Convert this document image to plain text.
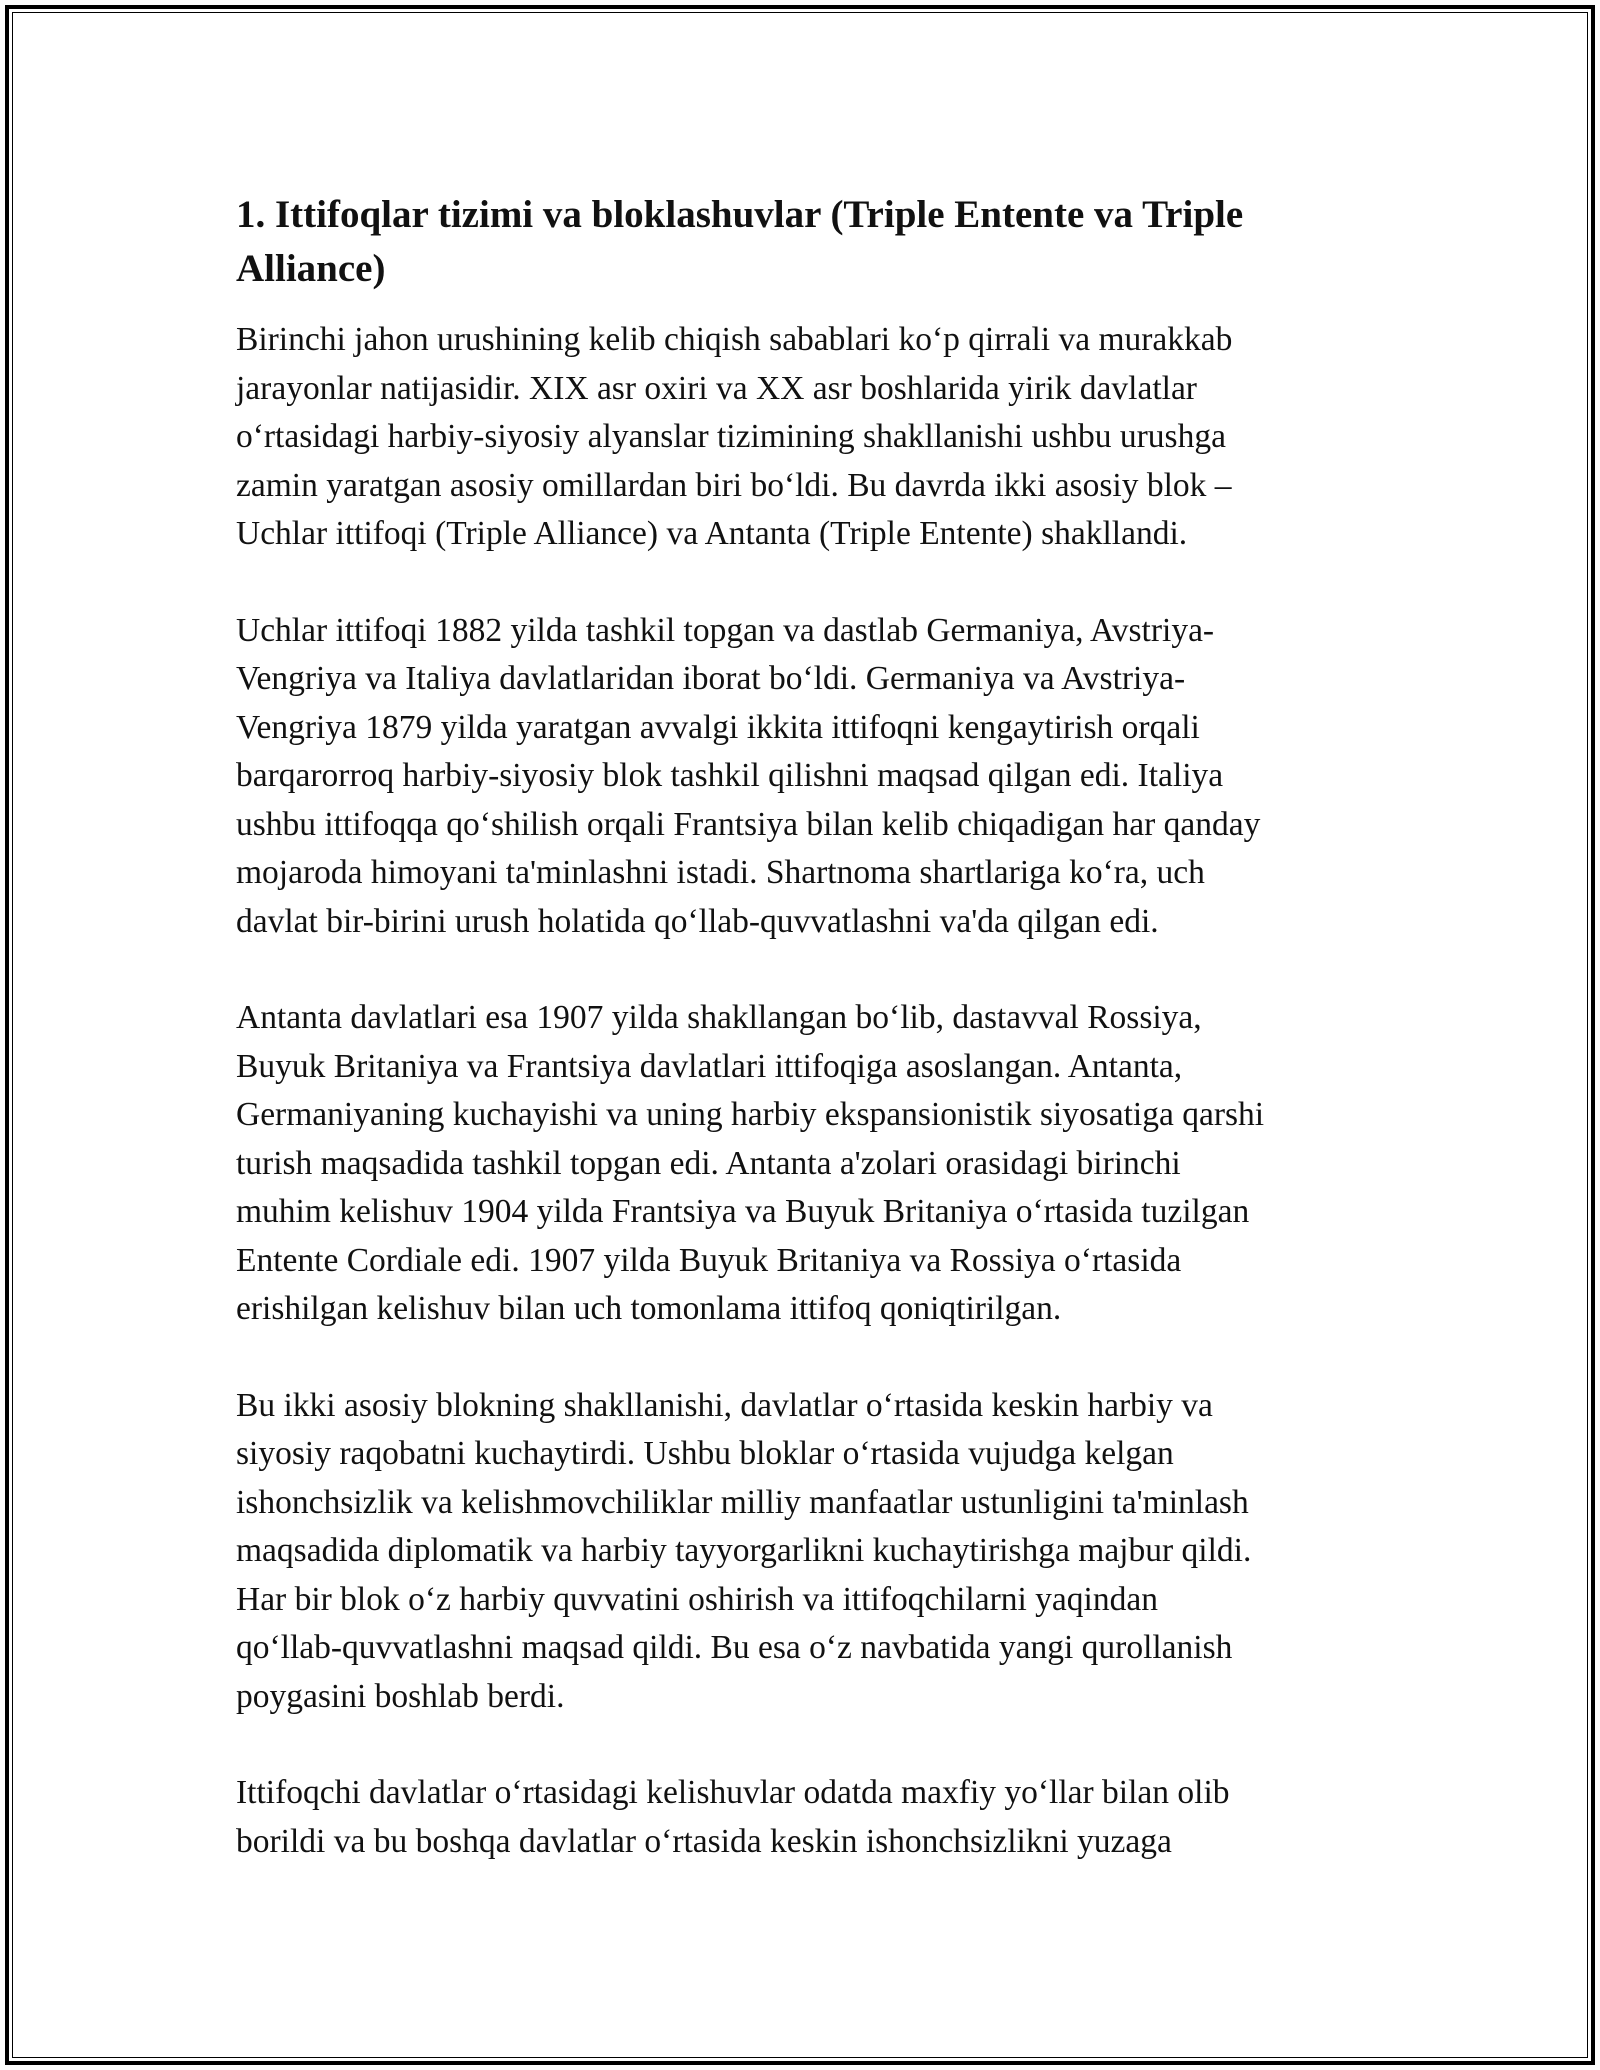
1. Ittifoqlar tizimi va bloklashuvlar (Triple Entente va Triple
Alliance)

Birinchi jahon urushining kelib chiqish sabablari koʻp qirrali va murakkab
jarayonlar natijasidir. XIX asr oxiri va XX asr boshlarida yirik davlatlar
oʻrtasidagi harbiy-siyosiy alyanslar tizimining shakllanishi ushbu urushga
zamin yaratgan asosiy omillardan biri boʻldi. Bu davrda ikki asosiy blok –
Uchlar ittifoqi (Triple Alliance) va Antanta (Triple Entente) shakllandi.

Uchlar ittifoqi 1882 yilda tashkil topgan va dastlab Germaniya, Avstriya-
Vengriya va Italiya davlatlaridan iborat boʻldi. Germaniya va Avstriya-
Vengriya 1879 yilda yaratgan avvalgi ikkita ittifoqni kengaytirish orqali
barqarorroq harbiy-siyosiy blok tashkil qilishni maqsad qilgan edi. Italiya
ushbu ittifoqqa qoʻshilish orqali Frantsiya bilan kelib chiqadigan har qanday
mojaroda himoyani ta'minlashni istadi. Shartnoma shartlariga koʻra, uch
davlat bir-birini urush holatida qoʻllab-quvvatlashni va'da qilgan edi.

Antanta davlatlari esa 1907 yilda shakllangan boʻlib, dastavval Rossiya,
Buyuk Britaniya va Frantsiya davlatlari ittifoqiga asoslangan. Antanta,
Germaniyaning kuchayishi va uning harbiy ekspansionistik siyosatiga qarshi
turish maqsadida tashkil topgan edi. Antanta a'zolari orasidagi birinchi
muhim kelishuv 1904 yilda Frantsiya va Buyuk Britaniya oʻrtasida tuzilgan
Entente Cordiale edi. 1907 yilda Buyuk Britaniya va Rossiya oʻrtasida
erishilgan kelishuv bilan uch tomonlama ittifoq qoniqtirilgan.

Bu ikki asosiy blokning shakllanishi, davlatlar oʻrtasida keskin harbiy va
siyosiy raqobatni kuchaytirdi. Ushbu bloklar oʻrtasida vujudga kelgan
ishonchsizlik va kelishmovchiliklar milliy manfaatlar ustunligini ta'minlash
maqsadida diplomatik va harbiy tayyorgarlikni kuchaytirishga majbur qildi.
Har bir blok oʻz harbiy quvvatini oshirish va ittifoqchilarni yaqindan
qoʻllab-quvvatlashni maqsad qildi. Bu esa oʻz navbatida yangi qurollanish
poygasini boshlab berdi.

Ittifoqchi davlatlar oʻrtasidagi kelishuvlar odatda maxfiy yoʻllar bilan olib
borildi va bu boshqa davlatlar oʻrtasida keskin ishonchsizlikni yuzaga
